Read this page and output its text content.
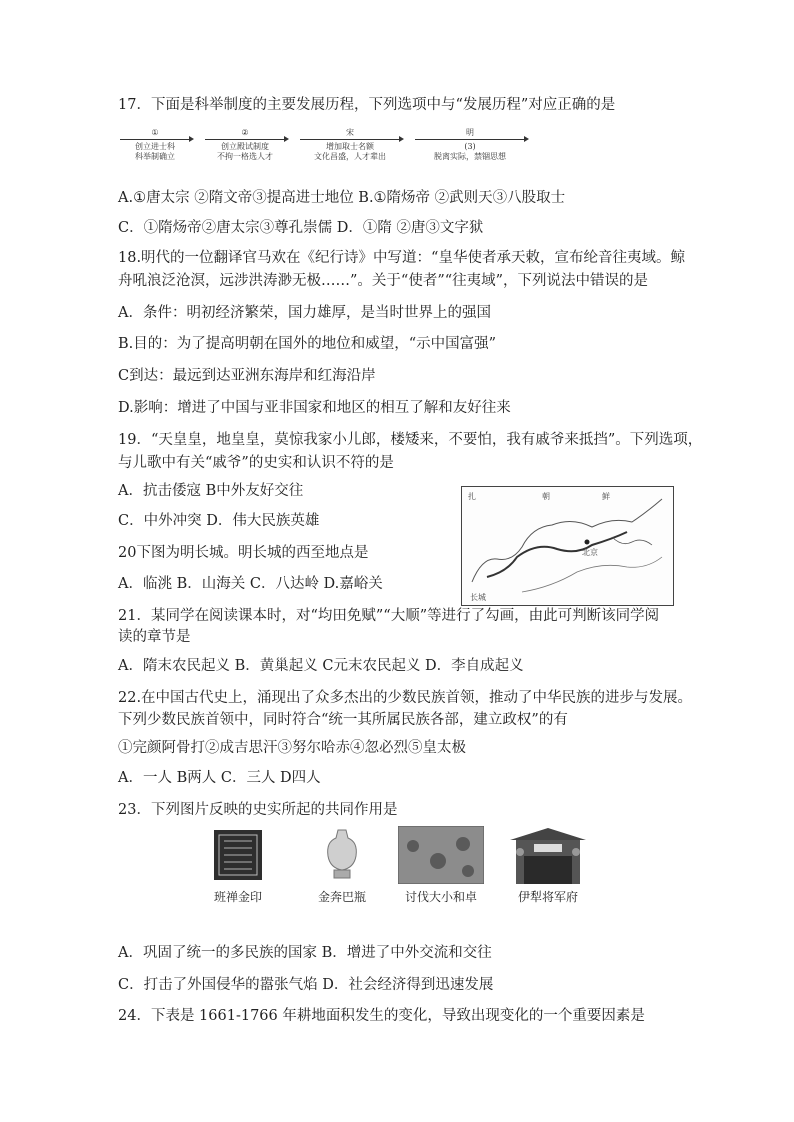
17．下面是科举制度的主要发展历程，下列选项中与“发展历程”对应正确的是
①
创立进士科
科举制确立
②
创立殿试制度
不拘一格选人才
宋
增加取士名额
文化昌盛，人才辈出
明
(3)
脱离实际，禁锢思想
A.①唐太宗 ②隋文帝③提高进士地位 B.①隋炀帝 ②武则天③八股取士
C．①隋炀帝②唐太宗③尊孔崇儒 D．①隋 ②唐③文字狱
18.明代的一位翻译官马欢在《纪行诗》中写道：“皇华使者承天敕，宣布纶音往夷域。鲸
舟吼浪泛沧溟，远涉洪涛渺无极……”。关于“使者”“往夷域”，下列说法中错误的是
A．条件：明初经济繁荣，国力雄厚，是当时世界上的强国
B.目的：为了提高明朝在国外的地位和威望，“示中国富强”
C到达：最远到达亚洲东海岸和红海沿岸
D.影响：增进了中国与亚非国家和地区的相互了解和友好往来
19．“天皇皇，地皇皇，莫惊我家小儿郎，楼矮来，不要怕，我有戚爷来抵挡”。下列选项，
与儿歌中有关“戚爷”的史实和认识不符的是
A．抗击倭寇 B中外友好交往
C．中外冲突 D．伟大民族英雄
扎	朝	鲜
北京
长城
20下图为明长城。明长城的西至地点是
A．临洮 B．山海关 C．八达岭 D.嘉峪关
21．某同学在阅读课本时，对“均田免赋”“大顺”等进行了勾画，由此可判断该同学阅
读的章节是
A．隋末农民起义 B．黄巢起义 C元末农民起义 D．李自成起义
22.在中国古代史上，涌现出了众多杰出的少数民族首领，推动了中华民族的进步与发展。
下列少数民族首领中，同时符合“统一其所属民族各部，建立政权”的有
①完颜阿骨打②成吉思汗③努尔哈赤④忽必烈⑤皇太极
A．一人 B两人 C．三人 D四人
23．下列图片反映的史实所起的共同作用是
班禅金印	金奔巴瓶	讨伐大小和卓	伊犁将军府
A．巩固了统一的多民族的国家 B．增进了中外交流和交往
C．打击了外国侵华的嚣张气焰 D．社会经济得到迅速发展
24．下表是 1661-1766 年耕地面积发生的变化，导致出现变化的一个重要因素是
